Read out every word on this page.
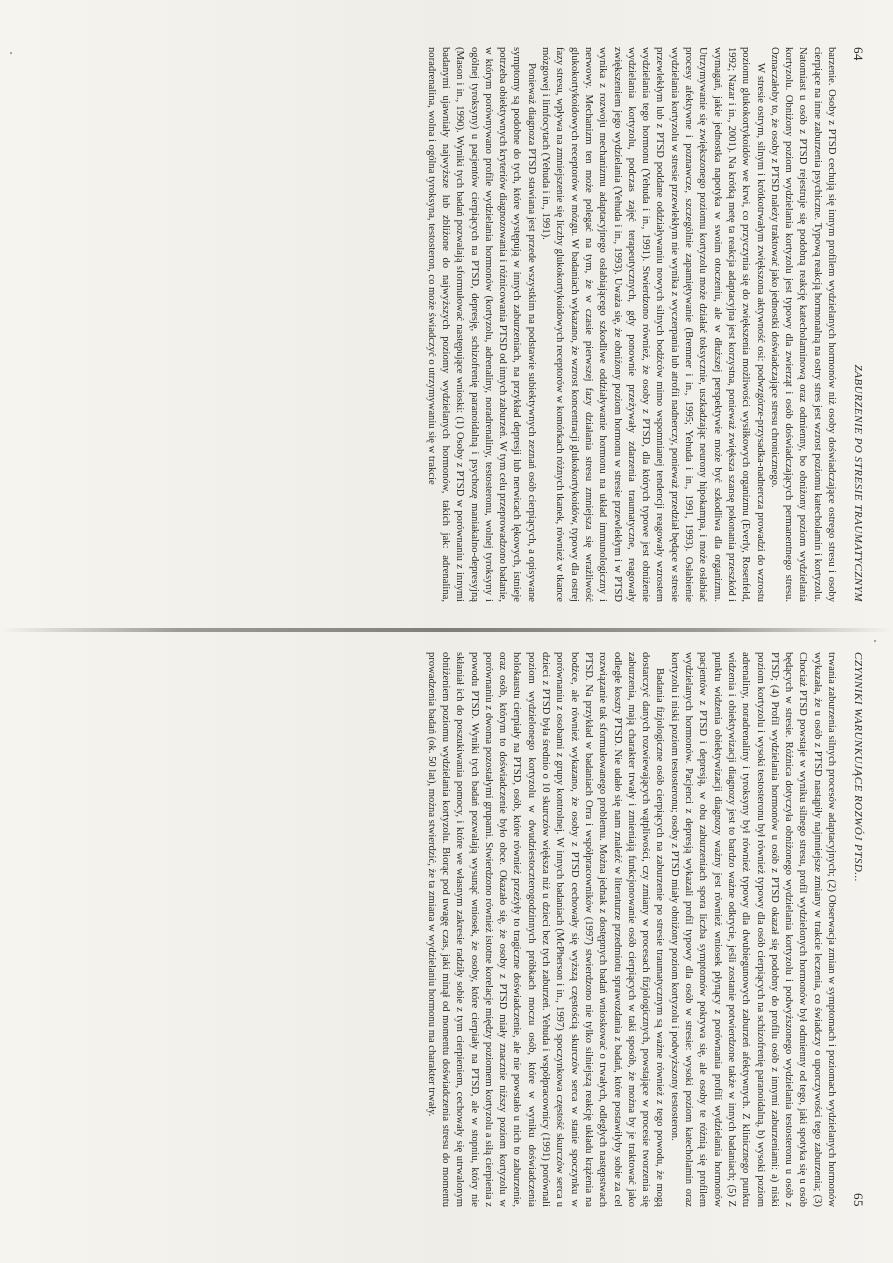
64
ZABURZENIE PO STRESIE TRAUMATYCZNYM

barzenie. Osoby z PTSD cechują się innym profilem wydzielanych hormonów niż osoby doświadczające ostrego stresu i osoby cierpiące na inne zaburzenia psychiczne. Typową reakcją hormonalną na ostry stres jest wzrost poziomu katecholamin i kortyzolu. Natomiast u osób z PTSD rejestruje się podobną reakcję katecholaminową oraz odmienny, bo obniżony poziom wydzielania kortyzolu. Obniżony poziom wydzielania kortyzolu jest typowy dla zwierząt i osób doświadczających permanentnego stresu. Oznaczałoby to, że osoby z PTSD należy traktować jako jednostki doświadczające stresu chronicznego.

W stresie ostrym, silnym i krótkotrwałym zwiększona aktywność osi: podwzgórze-przysadka-nadnercza prowadzi do wzrostu poziomu glukokortykoidów we krwi, co przyczynia się do zwiększenia możliwości wysiłkowych organizmu (Everly, Rosenfeld, 1992; Nazar i in., 2001). Na krótką metę ta reakcja adaptacyjna jest korzystna, ponieważ zwiększa szansę pokonania przeszkód i wymagań, jakie jednostka napotyka w swoim otoczeniu, ale w dłuższej perspektywie może być szkodliwa dla organizmu. Utrzymywanie się zwiększonego poziomu kortyzolu może działać toksycznie, uszkadzając neurony hipokampa, i może osłabiać procesy afektywne i poznawcze, szczególnie zapamiętywanie (Bremner i in., 1995; Yehuda i in., 1991, 1993). Osłabienie wydzielania kortyzolu w stresie przewlekłym nie wynika z wyczerpania lub atrofii nadnerczy, ponieważ przedział będące w stresie przewlekłym lub z PTSD poddane oddziaływaniu nowych silnych bodźców mimo wspomnianej tendencji reagowały wzrostem wydzielania tego hormonu (Yehuda i in., 1991). Stwierdzono również, że osoby z PTSD, dla których typowe jest obniżenie wydzielania kortyzolu, podczas zajęć terapeutycznych, gdy ponownie przeżywały zdarzenia traumatyczne, reagowały zwiększeniem jego wydzielania (Yehuda i in., 1993). Uważa się, że obniżony poziom hormonu w stresie przewlekłym i w PTSD wynika z rozwoju mechanizmu adaptacyjnego osłabiającego szkodliwe oddziaływanie hormonu na układ immunologiczny i nerwowy. Mechanizm ten może polegać na tym, że w czasie pierwszej fazy działania stresu zmniejsza się wrażliwość glukokortykoidowych receptorów w mózgu. W badaniach wykazano, że wzrost koncentracji glukokortykoidów, typowy dla ostrej fazy stresu, wpływa na zmniejszenie się liczby glukokortykoidowych receptorów w komórkach różnych tkanek, również w tkance mózgowej i limfocytach (Yehuda i in., 1991).

Ponieważ diagnoza PTSD stawiana jest przede wszystkim na podstawie subiektywnych zeznań osób cierpiących, a opisywane symptomy są podobne do tych, które występują w innych zaburzeniach, na przykład depresji lub nerwicach lękowych, istnieje potrzeba obiektywnych kryteriów diagnozowania i różnicowania PTSD od innych zaburzeń. W tym celu przeprowadzono badanie, w którym porównywano profile wydzielania hormonów (kortyzolu, adrenaliny, noradrenaliny, testosteronu, wolnej tyroksyny i ogólnej tyroksyny) u pacjentów cierpiących na PTSD, depresję, schizofrenię paranoidalną i psychozę maniakalno-depresyjną (Mason i in., 1990). Wyniki tych badań pozwalają sformułować następujące wnioski: (1) Osoby z PTSD w porównaniu z innymi badanymi ujawniały najwyższe lub zbliżone do najwyższych poziomy wydzielanych hormonów, takich jak: adrenalina, noradrenalina, wolna i ogólna tyroksyna, testosteron, co może świadczyć o utrzymywaniu się w trakcie

CZYNNIKI WARUNKUJĄCE ROZWÓJ PTSD...
65

trwania zaburzenia silnych procesów adaptacyjnych; (2) Obserwacja zmian w symptomach i poziomach wydzielanych hormonów wykazała, że u osób z PTSD nastąpiły najmniejsze zmiany w trakcie leczenia, co świadczy o uporczywości tego zaburzenia; (3) Chociaż PTSD powstaje w wyniku silnego stresu, profil wydzielonych hormonów był odmienny od tego, jaki spotyka się u osób będących w stresie. Różnica dotyczyła obniżonego wydzielania kortyzolu i podwyższonego wydzielania testosteronu u osób z PTSD; (4) Profil wydzielania hormonów u osób z PTSD okazał się podobny do profilu osób z innymi zaburzeniami: a) niski poziom kortyzolu i wysoki testosteronu był również typowy dla osób cierpiących na schizofrenię paranoidalną, b) wysoki poziom adrenaliny, noradrenaliny i tyroksyny był również typowy dla dwubiegunowych zaburzeń afektywnych. Z klinicznego punktu widzenia i obiektywizacji diagnozy jest to bardzo ważne odkrycie, jeśli zostanie potwierdzone także w innych badaniach; (5) Z punktu widzenia obiektywizacji diagnozy ważny jest również wniosek płynący z porównania profili wydzielania hormonów pacjentów z PTSD i depresją, w obu zaburzeniach spora liczba symptomów pokrywa się, ale osoby te różnią się profilem wydzielanych hormonów. Pacjenci z depresją wykazali profil typowy dla osób w stresie: wysoki poziom katecholamin oraz kortyzolu i niski poziom testosteronu; osoby z PTSD miały obniżony poziom kortyzolu i podwyższony testosteron.

Badania fizjologiczne osób cierpiących na zaburzenie po stresie traumatycznym są ważne również z tego powodu, że mogą dostarczyć danych rozwiewających wątpliwości, czy zmiany w procesach fizjologicznych, powstające w procesie tworzenia się zaburzenia, mają charakter trwały i zmieniają funkcjonowanie osób cierpiących w taki sposób, że można by je traktować jako odległe koszty PTSD. Nie udało się nam znaleźć w literaturze przedmiotu sprawozdania z badań, które postawiłyby sobie za cel rozwiązanie tak sformułowanego problemu. Można jednak z dostępnych badań wnioskować o trwałych, odległych następstwach PTSD. Na przykład w badaniach Orra i współpracowników (1997) stwierdzono nie tylko silniejszą reakcję układu krążenia na bodźce, ale również wykazano, że osoby z PTSD cechowały się wyższą częstością skurczów serca w stanie spoczynku w porównaniu z osobami z grupy kontrolnej. W innych badaniach (McPherson i in., 1997) spoczynkowa częstość skurczów serca u dzieci z PTSD była średnio o 10 skurczów większa niż u dzieci bez tych zaburzeń. Yehuda i współpracownicy (1991) porównali poziom wydzielonego kortyzolu w dwudziestoczterogodzinnych próbkach moczu osób, które w wyniku doświadczenia holokaustu cierpiały na PTSD, osób, które również przeżyły to tragiczne doświadczenie, ale nie powstało u nich to zaburzenie, oraz osób, którym to doświadczenie było obce. Okazało się, że osoby z PTSD miały znacznie niższy poziom kortyzolu w porównaniu z dwoma pozostałymi grupami. Stwierdzono również istotne korelacje między poziomem kortyzolu a siłą cierpienia z powodu PTSD. Wyniki tych badań pozwalają wysunąć wniosek, że osoby, które cierpiały na PTSD, ale w stopniu, który nie skłaniał ich do poszukiwania pomocy, i które we własnym zakresie radziły sobie z tym cierpieniem, cechowały się utrwalonym obniżeniem poziomu wydzielania kortyzolu. Biorąc pod uwagę czas, jaki minął od momentu doświadczenia stresu do momentu prowadzenia badań (ok. 50 lat), można stwierdzić, że ta zmiana w wydzielaniu hormonu ma charakter trwały.
